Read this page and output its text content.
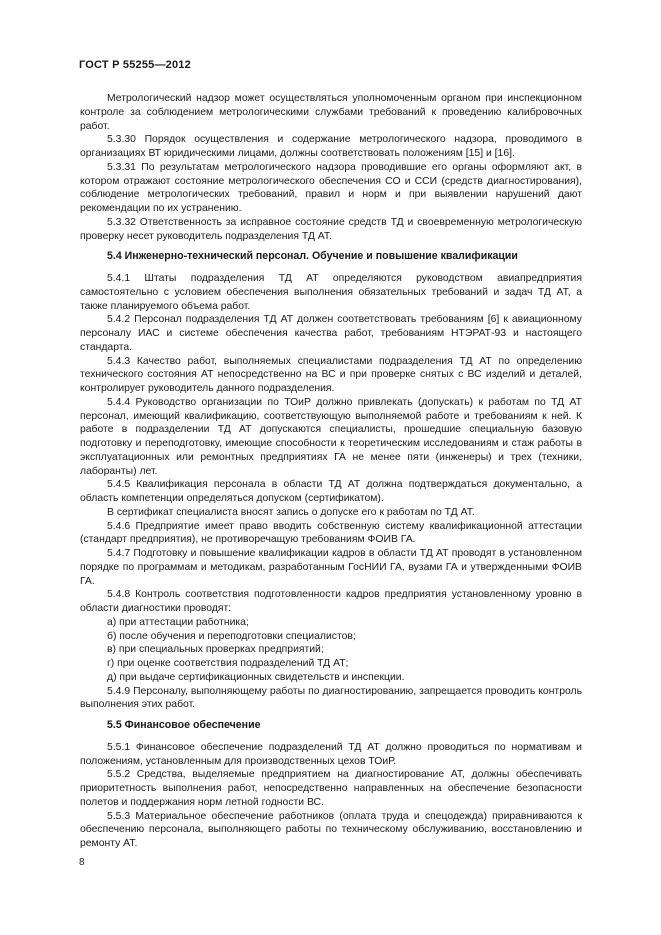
ГОСТ Р 55255—2012

Метрологический надзор может осуществляться уполномоченным органом при инспекционном контроле за соблюдением метрологическими службами требований к проведению калибровочных работ.

5.3.30 Порядок осуществления и содержание метрологического надзора, проводимого в организациях ВТ юридическими лицами, должны соответствовать положениям [15] и [16].

5.3.31 По результатам метрологического надзора проводившие его органы оформляют акт, в котором отражают состояние метрологического обеспечения СО и ССИ (средств диагностирования), соблюдение метрологических требований, правил и норм и при выявлении нарушений дают рекомендации по их устранению.

5.3.32 Ответственность за исправное состояние средств ТД и своевременную метрологическую проверку несет руководитель подразделения ТД АТ.

5.4 Инженерно-технический персонал. Обучение и повышение квалификации

5.4.1 Штаты подразделения ТД АТ определяются руководством авиапредприятия самостоятельно с условием обеспечения выполнения обязательных требований и задач ТД АТ, а также планируемого объема работ.

5.4.2 Персонал подразделения ТД АТ должен соответствовать требованиям [6] к авиационному персоналу ИАС и системе обеспечения качества работ, требованиям НТЭРАТ-93 и настоящего стандарта.

5.4.3 Качество работ, выполняемых специалистами подразделения ТД АТ по определению технического состояния АТ непосредственно на ВС и при проверке снятых с ВС изделий и деталей, контролирует руководитель данного подразделения.

5.4.4 Руководство организации по ТОиР должно привлекать (допускать) к работам по ТД АТ персонал, имеющий квалификацию, соответствующую выполняемой работе и требованиям к ней. К работе в подразделении ТД АТ допускаются специалисты, прошедшие специальную базовую подготовку и переподготовку, имеющие способности к теоретическим исследованиям и стаж работы в эксплуатационных или ремонтных предприятиях ГА не менее пяти (инженеры) и трех (техники, лаборанты) лет.

5.4.5 Квалификация персонала в области ТД АТ должна подтверждаться документально, а область компетенции определяться допуском (сертификатом).

В сертификат специалиста вносят запись о допуске его к работам по ТД АТ.

5.4.6 Предприятие имеет право вводить собственную систему квалификационной аттестации (стандарт предприятия), не противоречащую требованиям ФОИВ ГА.

5.4.7 Подготовку и повышение квалификации кадров в области ТД АТ проводят в установленном порядке по программам и методикам, разработанным ГосНИИ ГА, вузами ГА и утвержденными ФОИВ ГА.

5.4.8 Контроль соответствия подготовленности кадров предприятия установленному уровню в области диагностики проводят:

а) при аттестации работника;

б) после обучения и переподготовки специалистов;

в) при специальных проверках предприятий;

г) при оценке соответствия подразделений ТД АТ;

д) при выдаче сертификационных свидетельств и инспекции.

5.4.9 Персоналу, выполняющему работы по диагностированию, запрещается проводить контроль выполнения этих работ.

5.5 Финансовое обеспечение

5.5.1 Финансовое обеспечение подразделений ТД АТ должно проводиться по нормативам и положениям, установленным для производственных цехов ТОиР.

5.5.2 Средства, выделяемые предприятием на диагностирование АТ, должны обеспечивать приоритетность выполнения работ, непосредственно направленных на обеспечение безопасности полетов и поддержания норм летной годности ВС.

5.5.3 Материальное обеспечение работников (оплата труда и спецодежда) приравниваются к обеспечению персонала, выполняющего работы по техническому обслуживанию, восстановлению и ремонту АТ.

8
